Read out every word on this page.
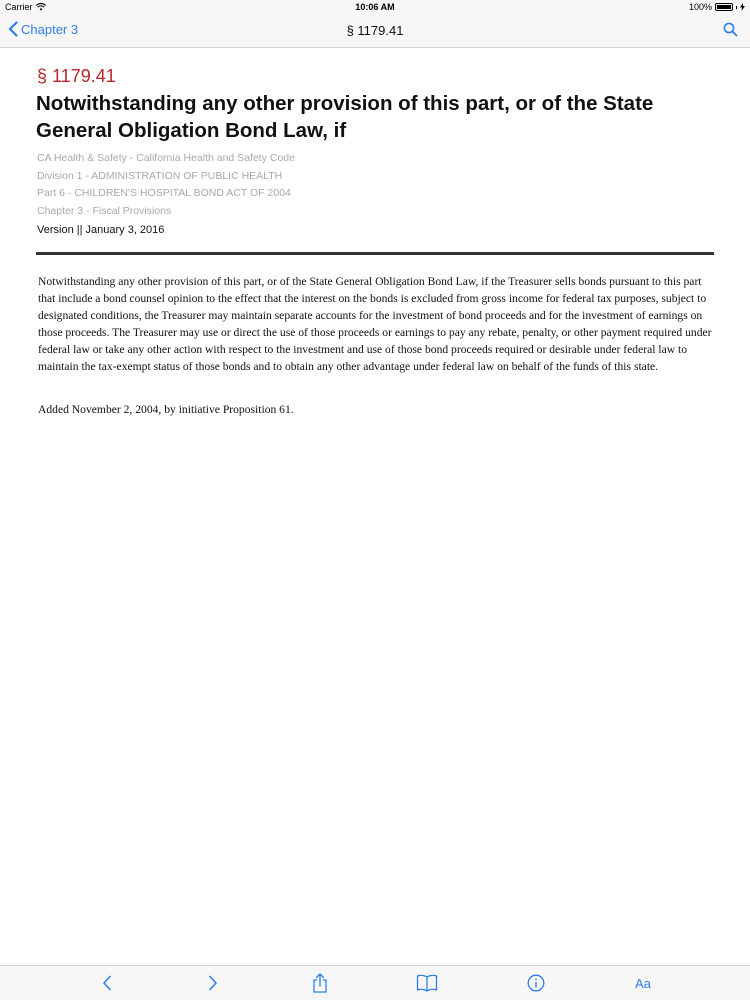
Carrier	10:06 AM	100%
Chapter 3	§ 1179.41
§ 1179.41
Notwithstanding any other provision of this part, or of the State General Obligation Bond Law, if
CA Health & Safety - California Health and Safety Code
Division 1 - ADMINISTRATION OF PUBLIC HEALTH
Part 6 - CHILDREN'S HOSPITAL BOND ACT OF 2004
Chapter 3 - Fiscal Provisions
Version || January 3, 2016

Notwithstanding any other provision of this part, or of the State General Obligation Bond Law, if the Treasurer sells bonds pursuant to this part that include a bond counsel opinion to the effect that the interest on the bonds is excluded from gross income for federal tax purposes, subject to designated conditions, the Treasurer may maintain separate accounts for the investment of bond proceeds and for the investment of earnings on those proceeds. The Treasurer may use or direct the use of those proceeds or earnings to pay any rebate, penalty, or other payment required under federal law or take any other action with respect to the investment and use of those bond proceeds required or desirable under federal law to maintain the tax-exempt status of those bonds and to obtain any other advantage under federal law on behalf of the funds of this state.

Added November 2, 2004, by initiative Proposition 61.
Aa
